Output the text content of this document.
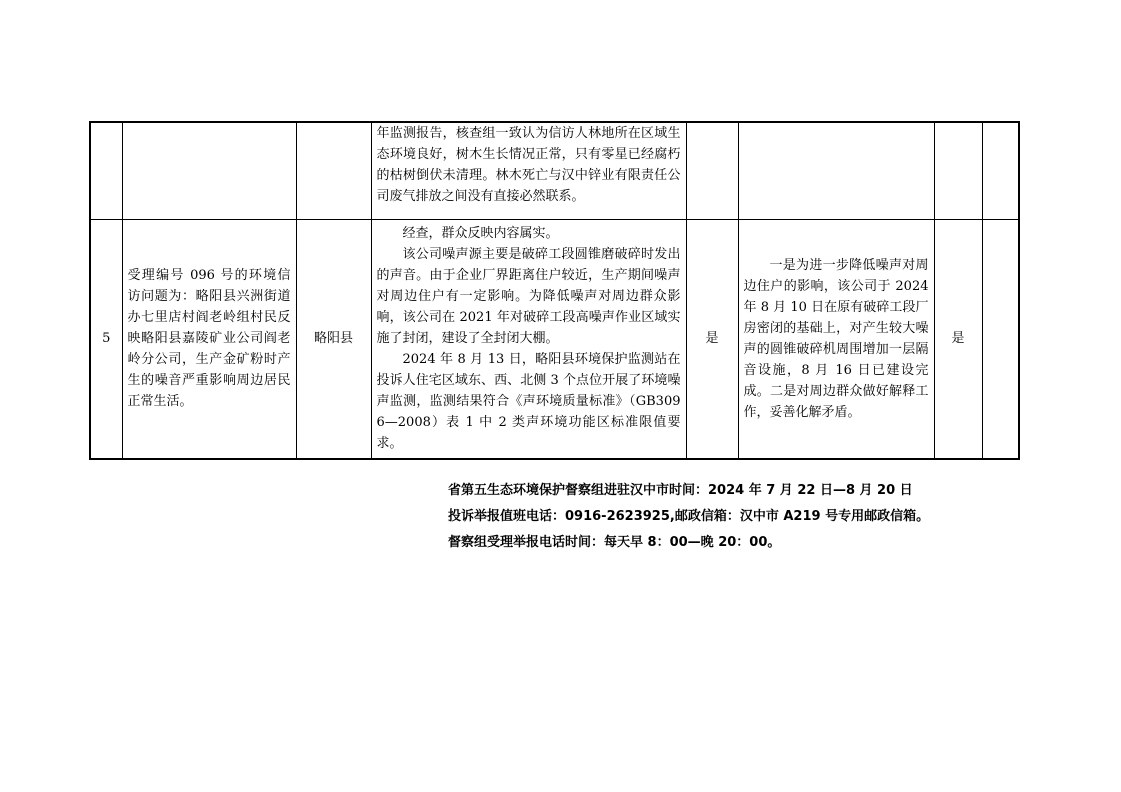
			年监测报告，核查组一致认为信访人林地所在区域生态环境良好，树木生长情况正常，只有零星已经腐朽的枯树倒伏未清理。林木死亡与汉中锌业有限责任公司废气排放之间没有直接必然联系。				

5	受理编号 096 号的环境信访问题为：略阳县兴洲街道办七里店村阎老岭组村民反映略阳县嘉陵矿业公司阎老岭分公司，生产金矿粉时产生的噪音严重影响周边居民正常生活。	略阳县	经查，群众反映内容属实。

该公司噪声源主要是破碎工段圆锥磨破碎时发出的声音。由于企业厂界距离住户较近，生产期间噪声对周边住户有一定影响。为降低噪声对周边群众影响，该公司在 2021 年对破碎工段高噪声作业区域实施了封闭，建设了全封闭大棚。

2024 年 8 月 13 日，略阳县环境保护监测站在投诉人住宅区域东、西、北侧 3 个点位开展了环境噪声监测，监测结果符合《声环境质量标准》（GB3096—2008）表 1 中 2 类声环境功能区标准限值要求。	是	一是为进一步降低噪声对周边住户的影响，该公司于 2024 年 8 月 10 日在原有破碎工段厂房密闭的基础上，对产生较大噪声的圆锥破碎机周围增加一层隔音设施，8 月 16 日已建设完成。二是对周边群众做好解释工作，妥善化解矛盾。	是	
省第五生态环境保护督察组进驻汉中市时间：2024 年 7 月 22 日—8 月 20 日
投诉举报值班电话：0916-2623925,邮政信箱：汉中市 A219 号专用邮政信箱。
督察组受理举报电话时间：每天早 8：00—晚 20：00。
